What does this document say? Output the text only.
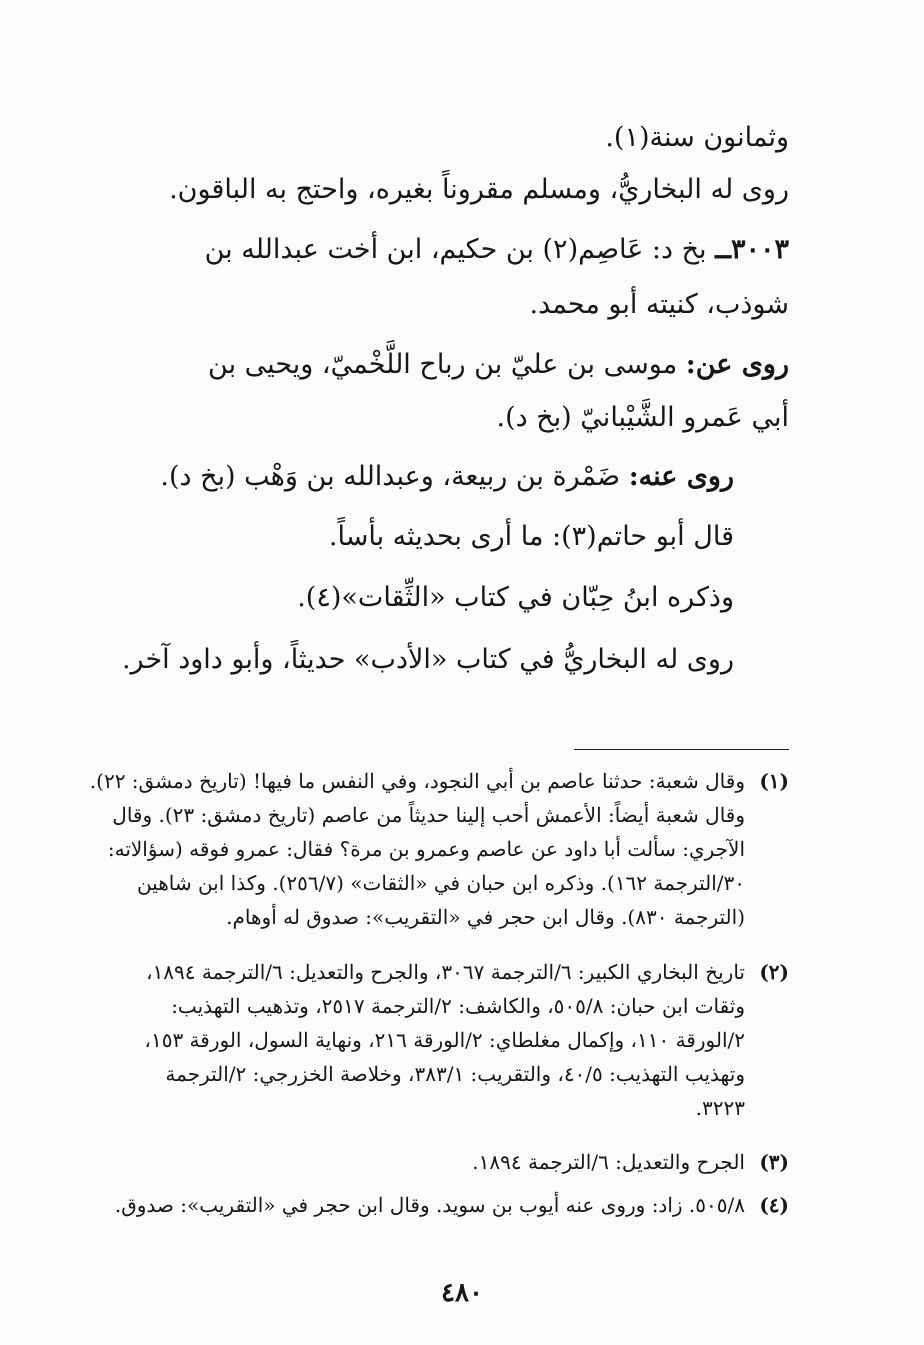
وثمانون سنة(١).
روى له البخاريُّ، ومسلم مقروناً بغيره، واحتج به الباقون.
٣٠٠٣ــ بخ د: عَاصِم(٢) بن حكيم، ابن أخت عبدالله بن
شوذب، كنيته أبو محمد.
روى عن: موسى بن عليّ بن رباح اللَّخْميّ، ويحيى بن
أبي عَمرو الشَّيْبانيّ (بخ د).
روى عنه: ضَمْرة بن ربيعة، وعبدالله بن وَهْب (بخ د).
قال أبو حاتم(٣): ما أرى بحديثه بأساً.
وذكره ابنُ حِبّان في كتاب «الثِّقات»(٤).
روى له البخاريُّ في كتاب «الأدب» حديثاً، وأبو داود آخر.
(١)
وقال شعبة: حدثنا عاصم بن أبي النجود، وفي النفس ما فيها! (تاريخ دمشق: ٢٢).
وقال شعبة أيضاً: الأعمش أحب إلينا حديثاً من عاصم (تاريخ دمشق: ٢٣). وقال
الآجري: سألت أبا داود عن عاصم وعمرو بن مرة؟ فقال: عمرو فوقه (سؤالاته:
٣٠/الترجمة ١٦٢). وذكره ابن حبان في «الثقات» (٢٥٦/٧). وكذا ابن شاهين
(الترجمة ٨٣٠). وقال ابن حجر في «التقريب»: صدوق له أوهام.
(٢)
تاريخ البخاري الكبير: ٦/الترجمة ٣٠٦٧، والجرح والتعديل: ٦/الترجمة ١٨٩٤،
وثقات ابن حبان: ٥٠٥/٨، والكاشف: ٢/الترجمة ٢٥١٧، وتذهيب التهذيب:
٢/الورقة ١١٠، وإكمال مغلطاي: ٢/الورقة ٢١٦، ونهاية السول، الورقة ١٥٣،
وتهذيب التهذيب: ٤٠/٥، والتقريب: ٣٨٣/١، وخلاصة الخزرجي: ٢/الترجمة
٣٢٢٣.
(٣)
الجرح والتعديل: ٦/الترجمة ١٨٩٤.
(٤)
٥٠٥/٨. زاد: وروى عنه أيوب بن سويد. وقال ابن حجر في «التقريب»: صدوق.
٤٨٠
